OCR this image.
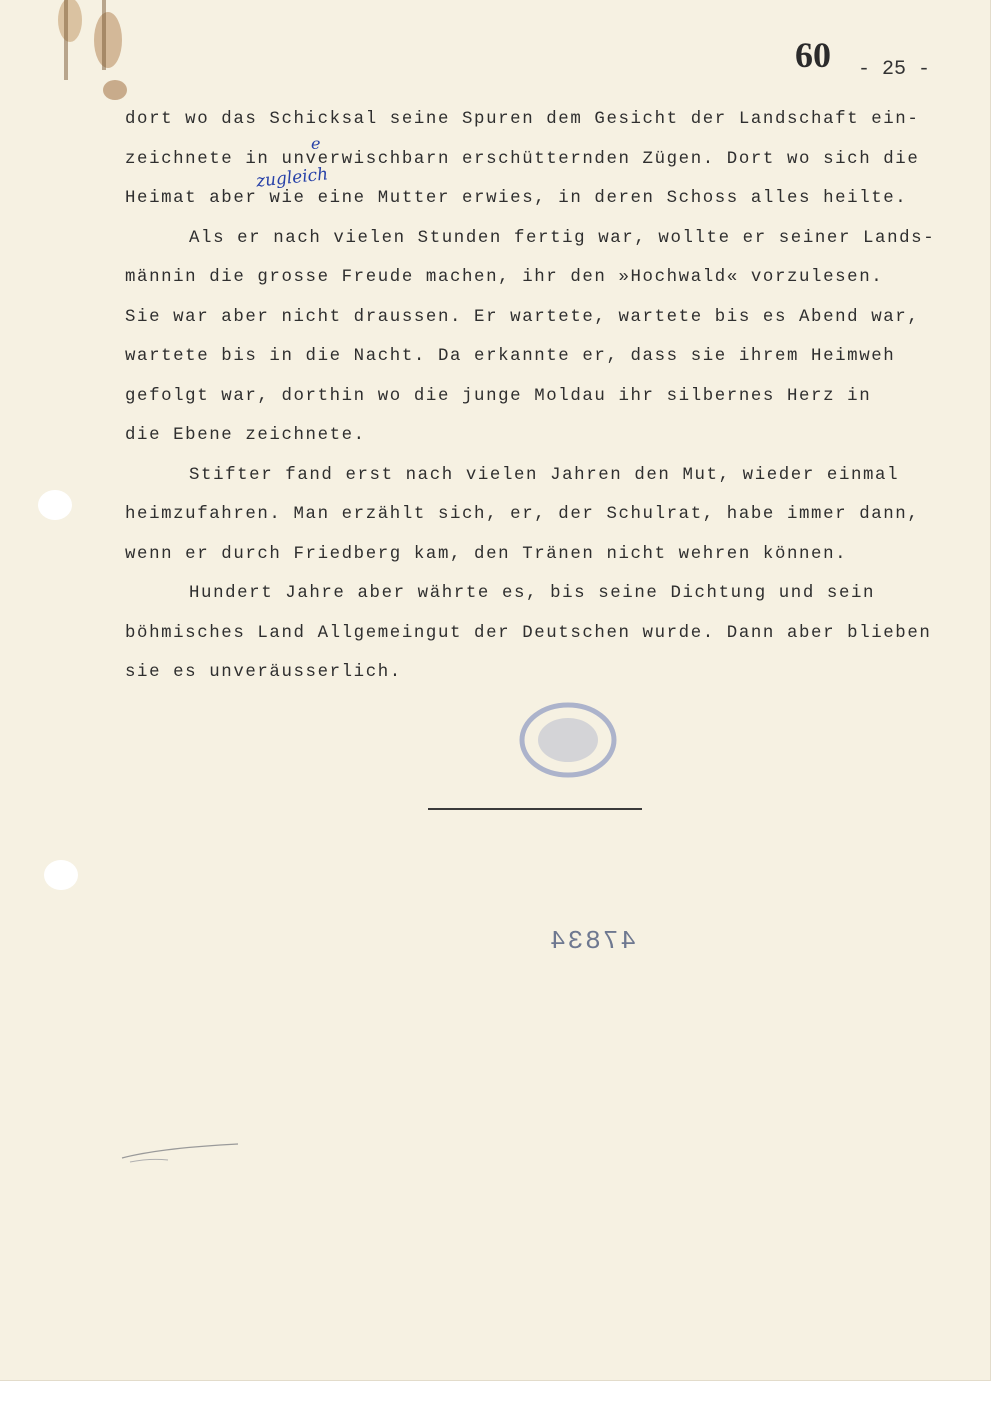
60 - 25 -
dort wo das Schicksal seine Spuren dem Gesicht der Landschaft ein-
zeichnete in unverwischbarn erschütternden Zügen. Dort wo sich die
Heimat aber wie eine Mutter erwies, in deren Schoss alles heilte.
Als er nach vielen Stunden fertig war, wollte er seiner Lands-
männin die grosse Freude machen, ihr den »Hochwald« vorzulesen.
Sie war aber nicht draussen. Er wartete, wartete bis es Abend war,
wartete bis in die Nacht. Da erkannte er, dass sie ihrem Heimweh
gefolgt war, dorthin wo die junge Moldau ihr silbernes Herz in
die Ebene zeichnete.
Stifter fand erst nach vielen Jahren den Mut, wieder einmal
heimzufahren. Man erzählt sich, er, der Schulrat, habe immer dann,
wenn er durch Friedberg kam, den Tränen nicht wehren können.
Hundert Jahre aber währte es, bis seine Dichtung und sein
böhmisches Land Allgemeingut der Deutschen wurde. Dann aber blieben
sie es unveräusserlich.
e
zugleich
47834
